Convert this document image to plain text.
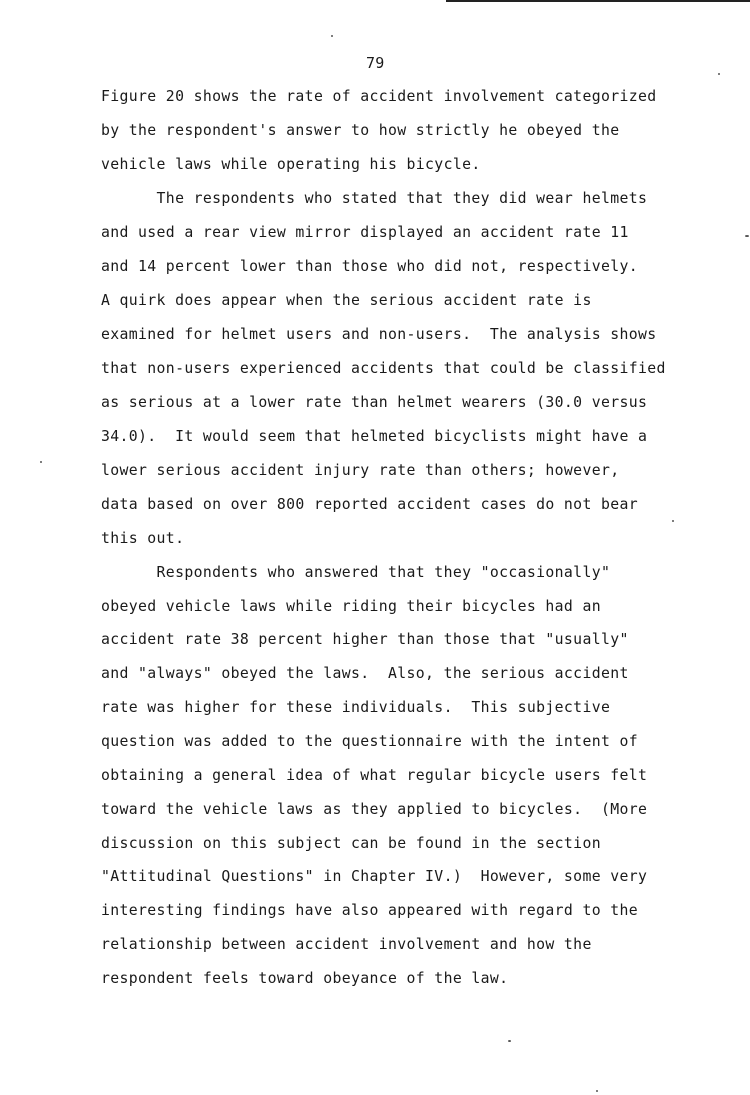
79
Figure 20 shows the rate of accident involvement categorized
by the respondent's answer to how strictly he obeyed the
vehicle laws while operating his bicycle.
The respondents who stated that they did wear helmets
and used a rear view mirror displayed an accident rate 11
and 14 percent lower than those who did not, respectively.
A quirk does appear when the serious accident rate is
examined for helmet users and non-users.  The analysis shows
that non-users experienced accidents that could be classified
as serious at a lower rate than helmet wearers (30.0 versus
34.0).  It would seem that helmeted bicyclists might have a
lower serious accident injury rate than others; however,
data based on over 800 reported accident cases do not bear
this out.
Respondents who answered that they "occasionally"
obeyed vehicle laws while riding their bicycles had an
accident rate 38 percent higher than those that "usually"
and "always" obeyed the laws.  Also, the serious accident
rate was higher for these individuals.  This subjective
question was added to the questionnaire with the intent of
obtaining a general idea of what regular bicycle users felt
toward the vehicle laws as they applied to bicycles.  (More
discussion on this subject can be found in the section
"Attitudinal Questions" in Chapter IV.)  However, some very
interesting findings have also appeared with regard to the
relationship between accident involvement and how the
respondent feels toward obeyance of the law.
